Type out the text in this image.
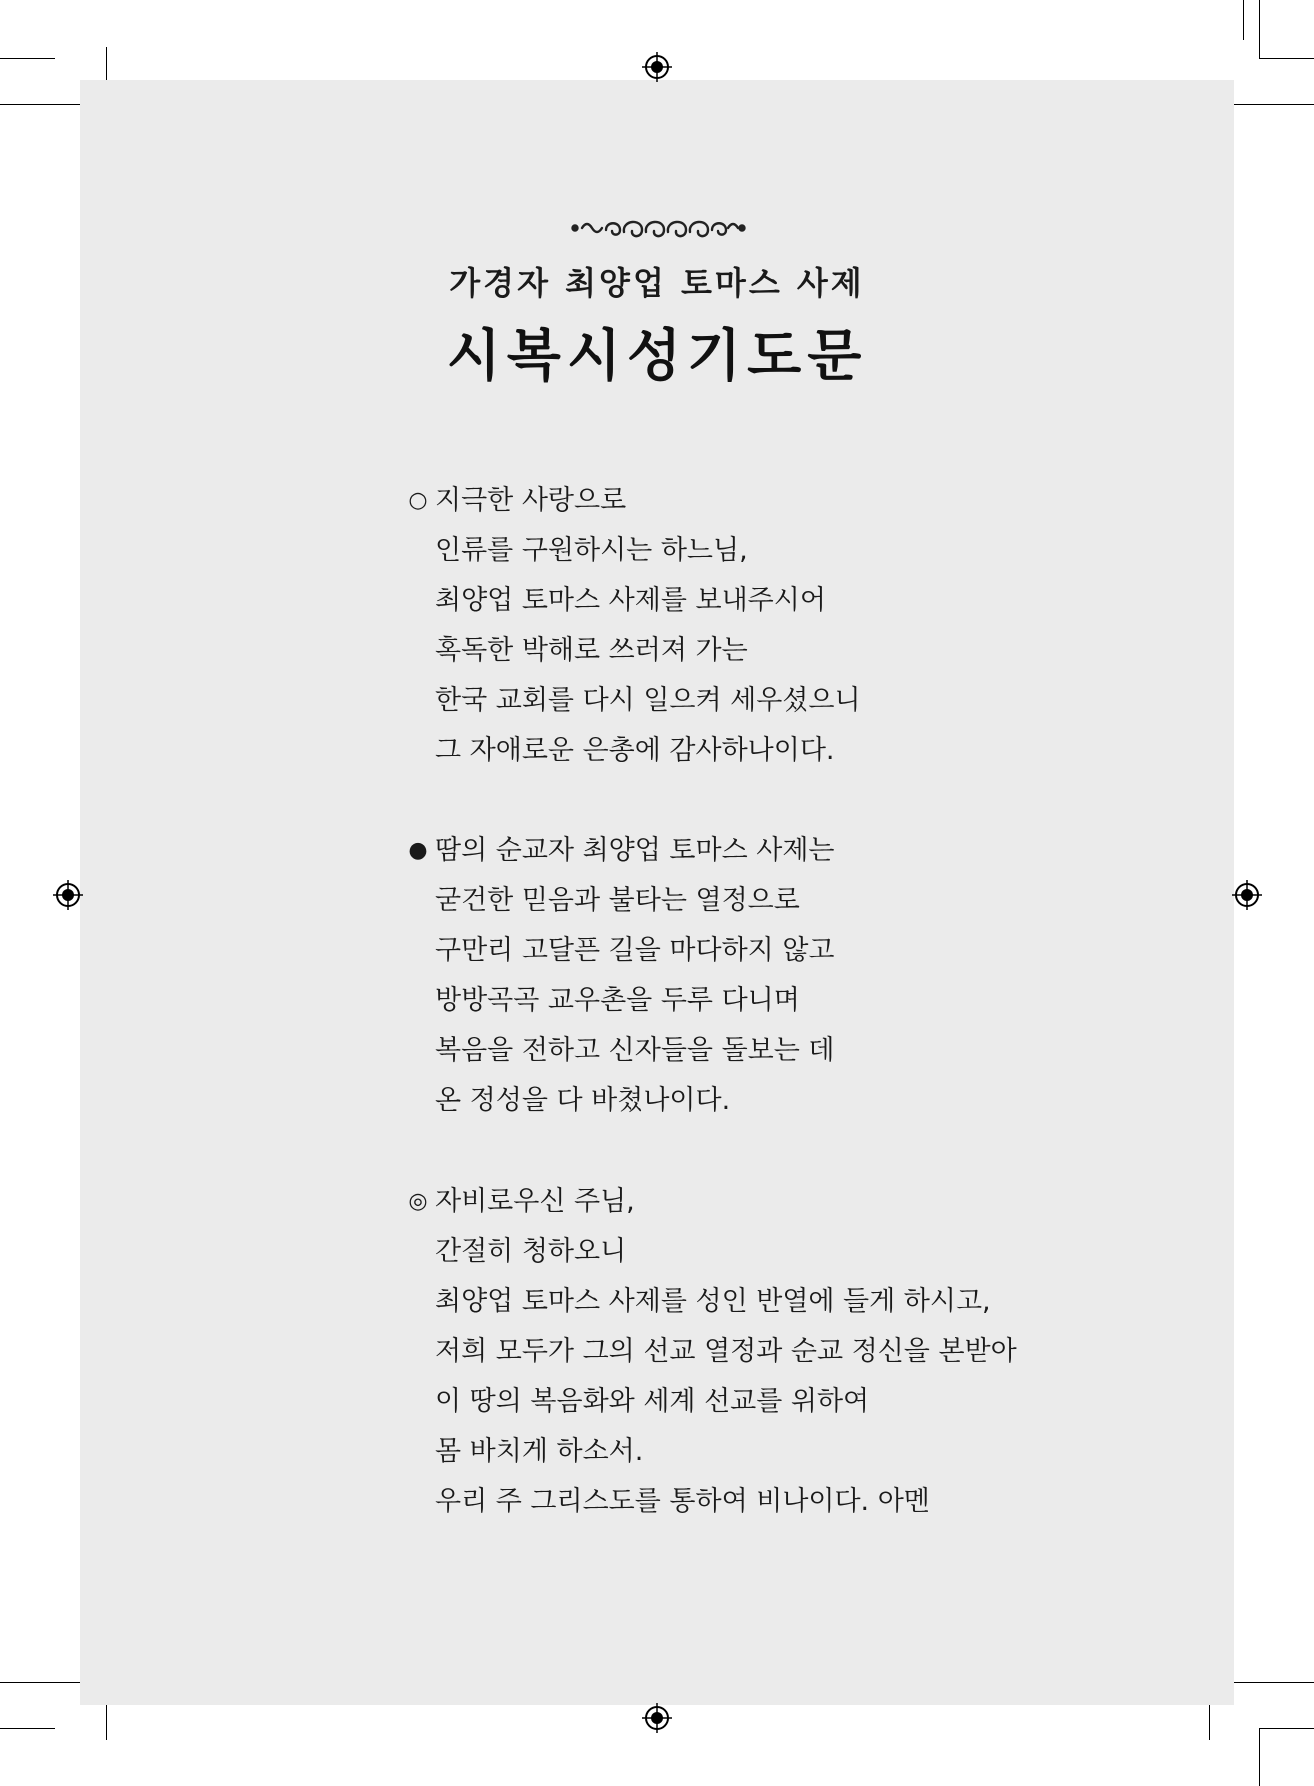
가경자 최양업 토마스 사제
시복시성기도문
○ 지극한 사랑으로
인류를 구원하시는 하느님,
최양업 토마스 사제를 보내주시어
혹독한 박해로 쓰러져 가는
한국 교회를 다시 일으켜 세우셨으니
그 자애로운 은총에 감사하나이다.
● 땀의 순교자 최양업 토마스 사제는
굳건한 믿음과 불타는 열정으로
구만리 고달픈 길을 마다하지 않고
방방곡곡 교우촌을 두루 다니며
복음을 전하고 신자들을 돌보는 데
온 정성을 다 바쳤나이다.
◎ 자비로우신 주님,
간절히 청하오니
최양업 토마스 사제를 성인 반열에 들게 하시고,
저희 모두가 그의 선교 열정과 순교 정신을 본받아
이 땅의 복음화와 세계 선교를 위하여
몸 바치게 하소서.
우리 주 그리스도를 통하여 비나이다. 아멘
